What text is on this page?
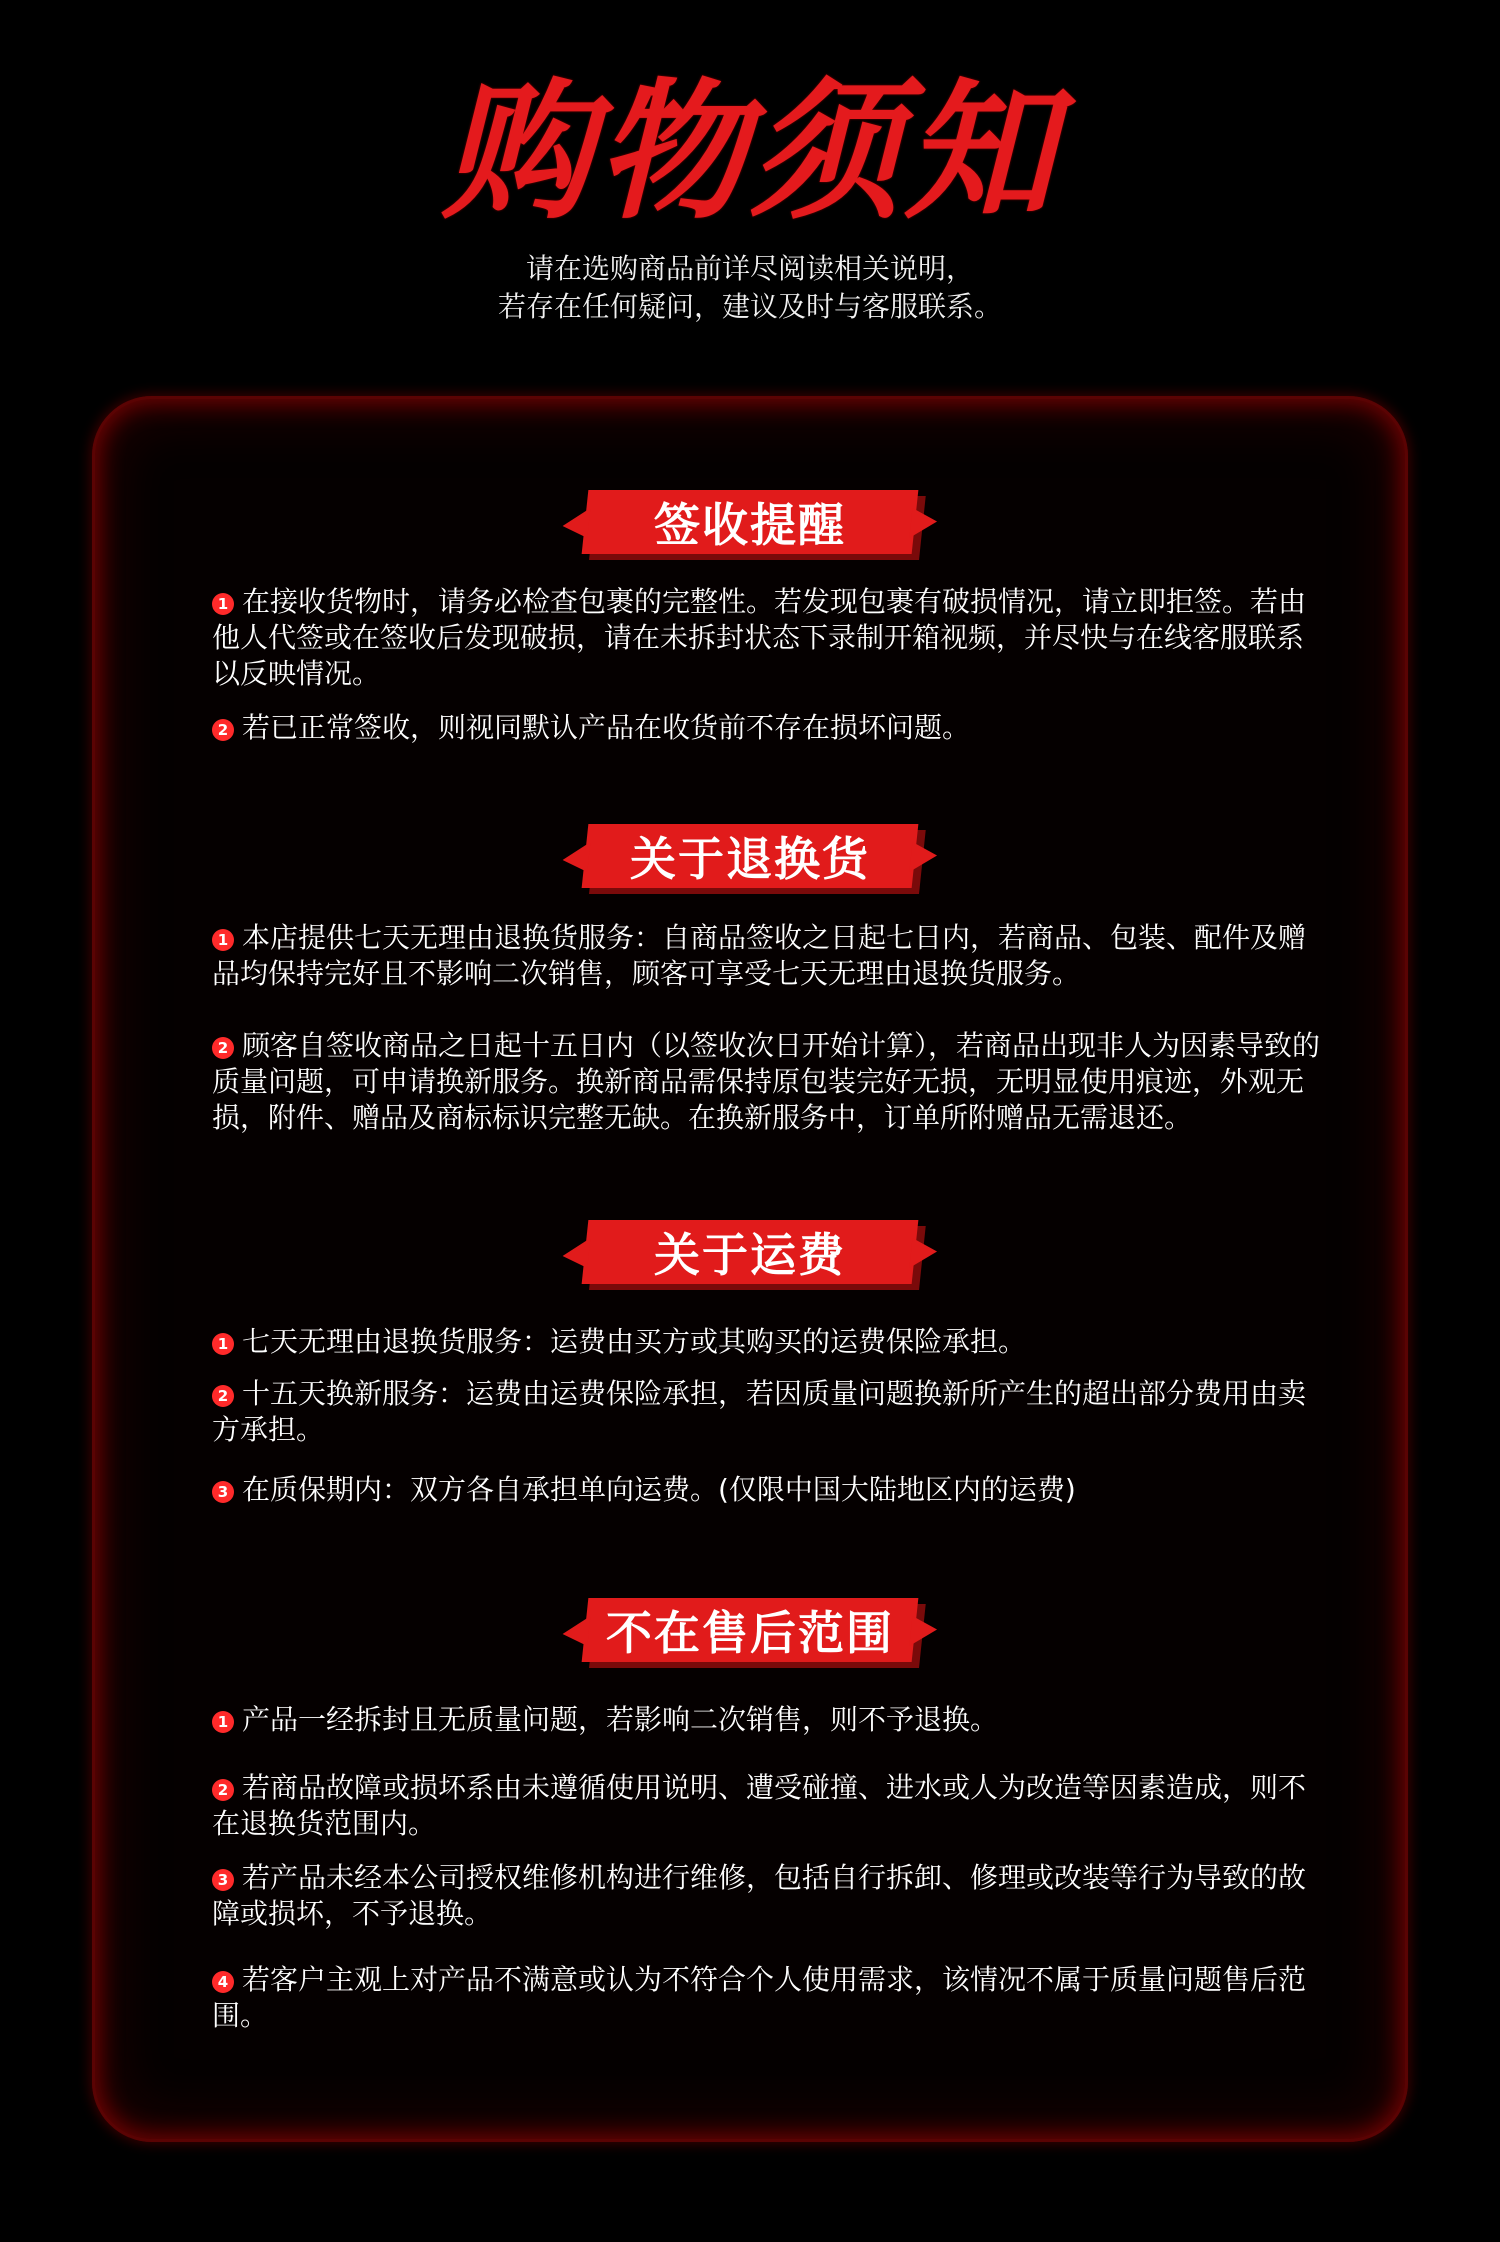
购物须知
请在选购商品前详尽阅读相关说明，
若存在任何疑问，建议及时与客服联系。
签收提醒
1 在接收货物时，请务必检查包裹的完整性。若发现包裹有破损情况，请立即拒签。若由他人代签或在签收后发现破损，请在未拆封状态下录制开箱视频，并尽快与在线客服联系以反映情况。
2 若已正常签收，则视同默认产品在收货前不存在损坏问题。
关于退换货
1 本店提供七天无理由退换货服务：自商品签收之日起七日内，若商品、包装、配件及赠品均保持完好且不影响二次销售，顾客可享受七天无理由退换货服务。
2 顾客自签收商品之日起十五日内（以签收次日开始计算），若商品出现非人为因素导致的质量问题，可申请换新服务。换新商品需保持原包装完好无损，无明显使用痕迹，外观无损，附件、赠品及商标标识完整无缺。在换新服务中，订单所附赠品无需退还。
关于运费
1 七天无理由退换货服务：运费由买方或其购买的运费保险承担。
2 十五天换新服务：运费由运费保险承担，若因质量问题换新所产生的超出部分费用由卖方承担。
3 在质保期内：双方各自承担单向运费。(仅限中国大陆地区内的运费)
不在售后范围
1 产品一经拆封且无质量问题，若影响二次销售，则不予退换。
2 若商品故障或损坏系由未遵循使用说明、遭受碰撞、进水或人为改造等因素造成，则不在退换货范围内。
3 若产品未经本公司授权维修机构进行维修，包括自行拆卸、修理或改装等行为导致的故障或损坏，不予退换。
4 若客户主观上对产品不满意或认为不符合个人使用需求，该情况不属于质量问题售后范围。
